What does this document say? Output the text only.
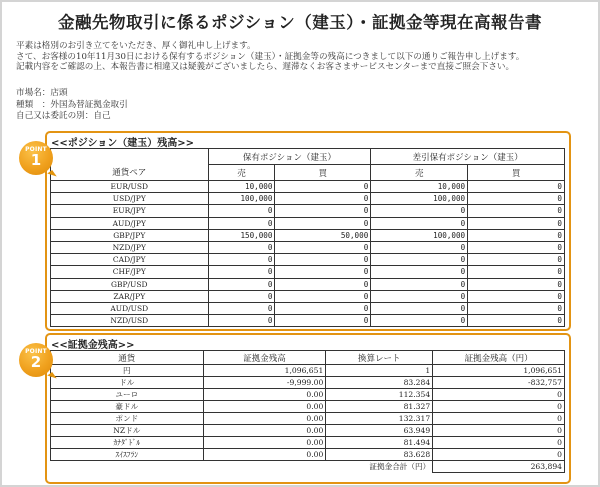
金融先物取引に係るポジション（建玉）・証拠金等現在高報告書
平素は格別のお引き立てをいただき、厚く御礼申し上げます。
さて、お客様の10年11月30日における保有するポジション（建玉）・証拠金等の残高につきまして以下の通りご報告申し上げます。
記載内容をご確認の上、本報告書に相違又は疑義がございましたら、遅滞なくお客さまサービスセンターまで直接ご照会下さい。
市場名：店頭
種類　：外国為替証拠金取引
自己又は委託の別：自己
<<ポジション（建玉）残高>>
通貨ペア	保有ポジション（建玉）		差引保有ポジション（建玉）	
	売	買	売	買
EUR/USD	10,000	0	10,000	0
USD/JPY	100,000	0	100,000	0
EUR/JPY	0	0	0	0
AUD/JPY	0	0	0	0
GBP/JPY	150,000	50,000	100,000	0
NZD/JPY	0	0	0	0
CAD/JPY	0	0	0	0
CHF/JPY	0	0	0	0
GBP/USD	0	0	0	0
ZAR/JPY	0	0	0	0
AUD/USD	0	0	0	0
NZD/USD	0	0	0	0
POINT
1
<<証拠金残高>>
通貨	証拠金残高	換算レート	証拠金残高（円）
円	1,096,651	1	1,096,651
ドル	-9,999.00	83.284	-832,757
ユーロ	0.00	112.354	0
豪ドル	0.00	81.327	0
ポンド	0.00	132.317	0
NZドル	0.00	63.949	0
ｶﾅﾀﾞﾄﾞﾙ	0.00	81.494	0
ｽｲｽﾌﾗﾝ	0.00	83.628	0
		証拠金合計（円）	263,894
POINT
2
